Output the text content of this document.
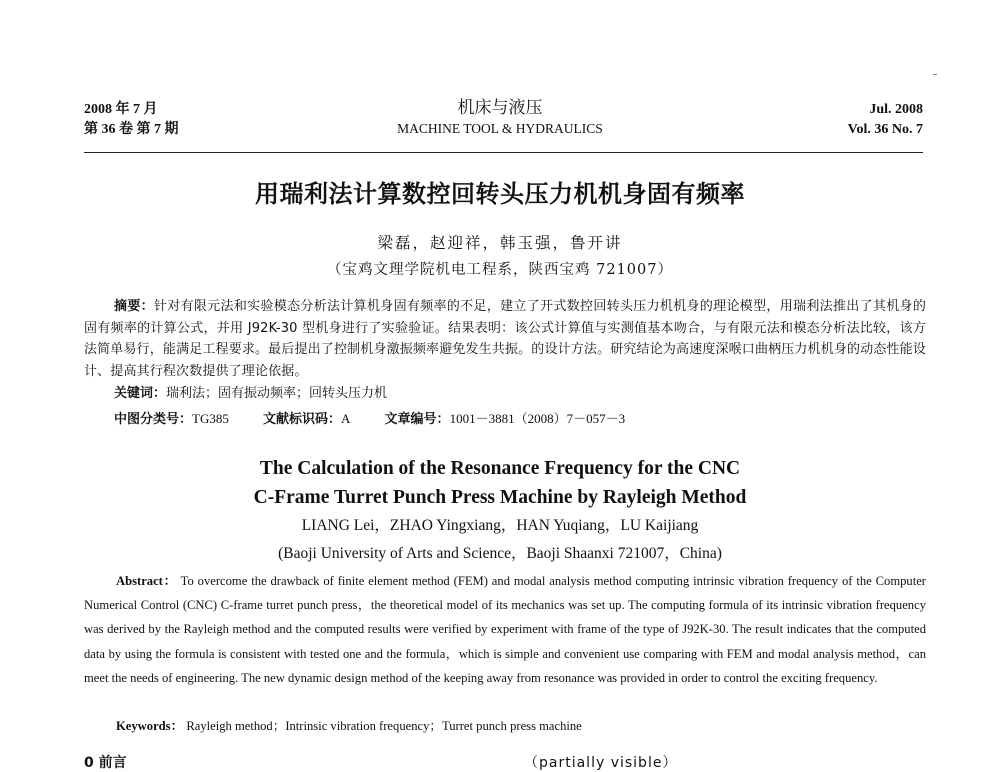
2008 年 7 月
第 36 卷 第 7 期
机床与液压
MACHINE TOOL & HYDRAULICS
Jul. 2008
Vol. 36 No. 7
用瑞利法计算数控回转头压力机机身固有频率
梁磊，赵迎祥，韩玉强，鲁开讲
（宝鸡文理学院机电工程系，陕西宝鸡 721007）
摘要：针对有限元法和实验模态分析法计算机身固有频率的不足，建立了开式数控回转头压力机机身的理论模型，用瑞利法推出了其机身的固有频率的计算公式，并用 J92K-30 型机身进行了实验验证。结果表明：该公式计算值与实测值基本吻合，与有限元法和模态分析法比较，该方法简单易行，能满足工程要求。最后提出了控制机身激振频率避免发生共振。的设计方法。研究结论为高速度深喉口曲柄压力机机身的动态性能设计、提高其行程次数提供了理论依据。
关键词：瑞利法；固有振动频率；回转头压力机
中图分类号：TG385	文献标识码：A	文章编号：1001－3881（2008）7－057－3
The Calculation of the Resonance Frequency for the CNC
C-Frame Turret Punch Press Machine by Rayleigh Method
LIANG Lei，ZHAO Yingxiang，HAN Yuqiang，LU Kaijiang
(Baoji University of Arts and Science，Baoji Shaanxi 721007，China)
Abstract： To overcome the drawback of finite element method (FEM) and modal analysis method computing intrinsic vibration frequency of the Computer Numerical Control (CNC) C-frame turret punch press，the theoretical model of its mechanics was set up. The computing formula of its intrinsic vibration frequency was derived by the Rayleigh method and the computed results were verified by experiment with frame of the type of J92K-30. The result indicates that the computed data by using the formula is consistent with tested one and the formula，which is simple and convenient use comparing with FEM and modal analysis method，can meet the needs of engineering. The new dynamic design method of the keeping away from resonance was provided in order to control the exciting frequency.
Keywords： Rayleigh method；Intrinsic vibration frequency；Turret punch press machine
0 前言	（partially visible）
